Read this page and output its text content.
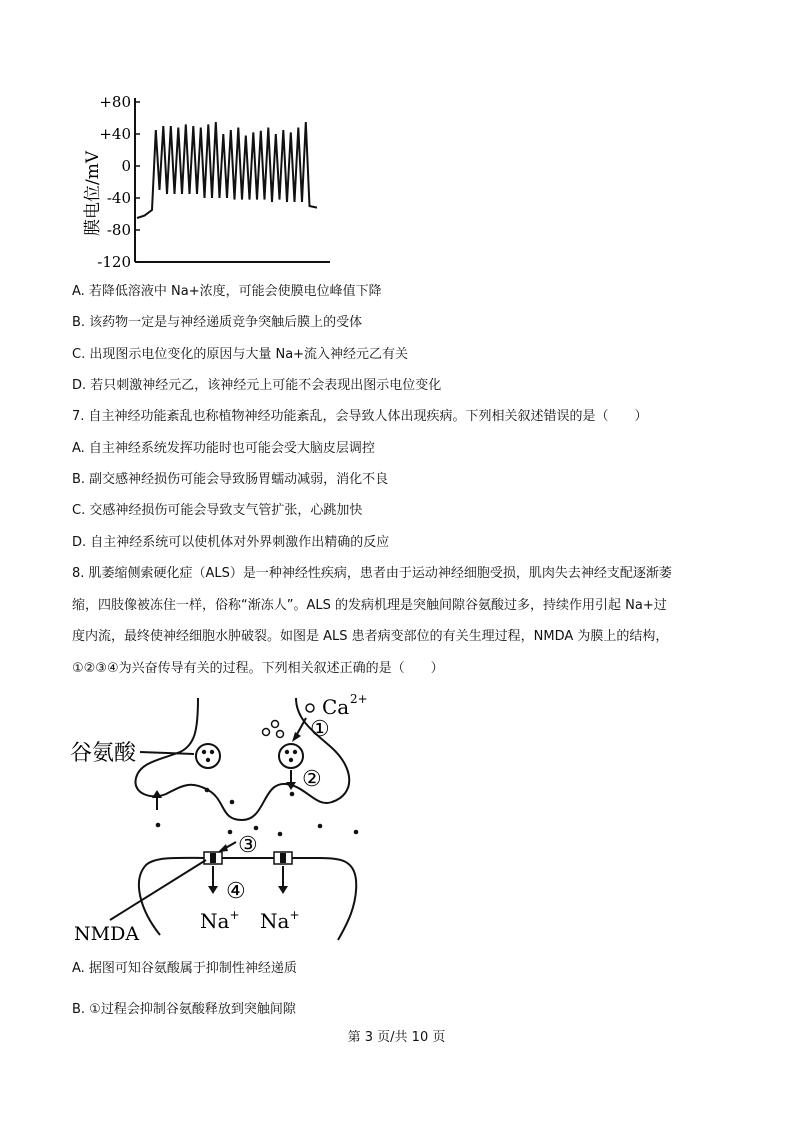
膜电位/mV
+80
+40
0
-40
-80
-120
A. 若降低溶液中 Na+浓度，可能会使膜电位峰值下降
B. 该药物一定是与神经递质竞争突触后膜上的受体
C. 出现图示电位变化的原因与大量 Na+流入神经元乙有关
D. 若只刺激神经元乙，该神经元上可能不会表现出图示电位变化
7. 自主神经功能紊乱也称植物神经功能紊乱，会导致人体出现疾病。下列相关叙述错误的是（　　）
A. 自主神经系统发挥功能时也可能会受大脑皮层调控
B. 副交感神经损伤可能会导致肠胃蠕动减弱，消化不良
C. 交感神经损伤可能会导致支气管扩张，心跳加快
D. 自主神经系统可以使机体对外界刺激作出精确的反应
8. 肌萎缩侧索硬化症（ALS）是一种神经性疾病，患者由于运动神经细胞受损，肌肉失去神经支配逐渐萎
缩，四肢像被冻住一样，俗称“渐冻人”。ALS 的发病机理是突触间隙谷氨酸过多，持续作用引起 Na+过
度内流，最终使神经细胞水肿破裂。如图是 ALS 患者病变部位的有关生理过程，NMDA 为膜上的结构，
①②③④为兴奋传导有关的过程。下列相关叙述正确的是（　　）
谷氨酸
Ca 2+
①
②
③
④
Na+ Na+
NMDA
A. 据图可知谷氨酸属于抑制性神经递质
B. ①过程会抑制谷氨酸释放到突触间隙
第 3 页/共 10 页
